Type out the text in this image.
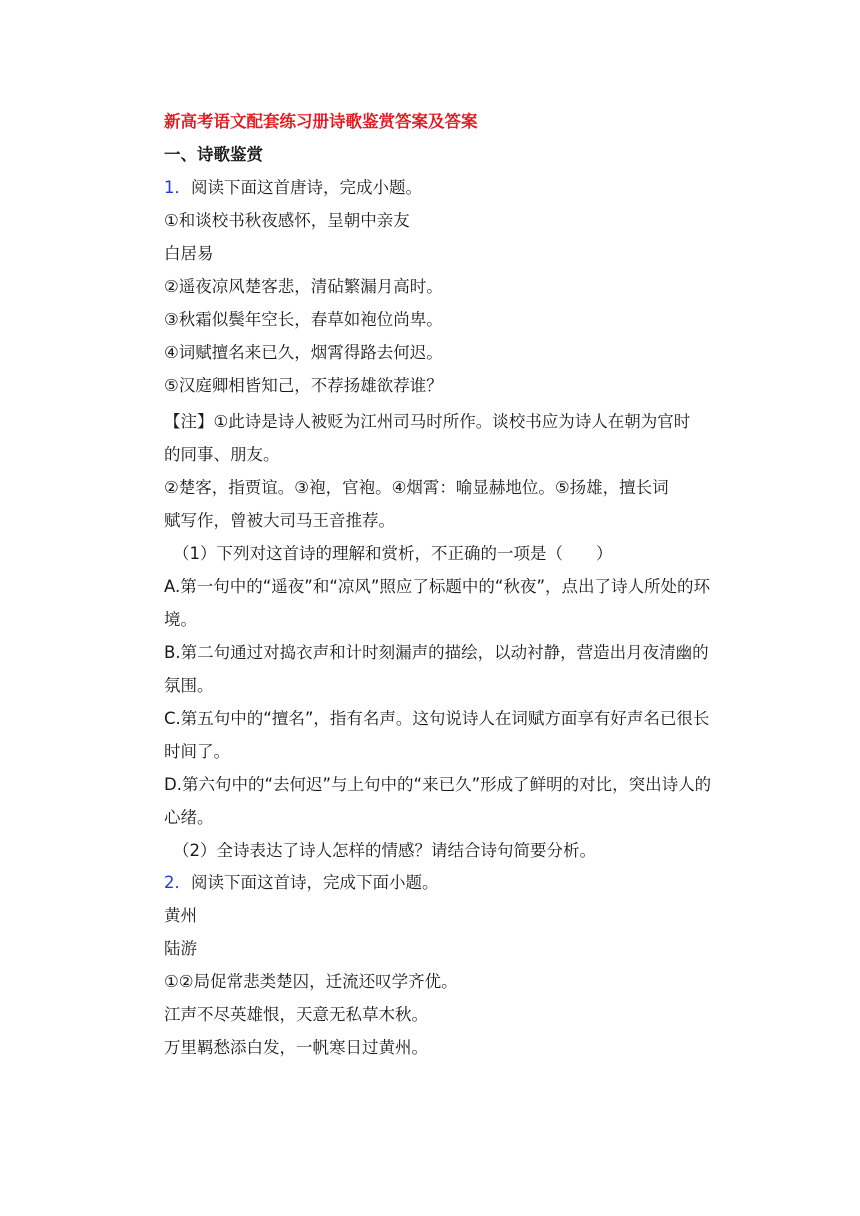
新高考语文配套练习册诗歌鉴赏答案及答案
一、诗歌鉴赏
1．阅读下面这首唐诗，完成小题。
①和谈校书秋夜感怀，呈朝中亲友
白居易
②遥夜凉风楚客悲，清砧繁漏月高时。
③秋霜似鬓年空长，春草如袍位尚卑。
④词赋擅名来已久，烟霄得路去何迟。
⑤汉庭卿相皆知己，不荐扬雄欲荐谁？
【注】①此诗是诗人被贬为江州司马时所作。谈校书应为诗人在朝为官时
的同事、朋友。
②楚客，指贾谊。③袍，官袍。④烟霄：喻显赫地位。⑤扬雄，擅长词
赋写作，曾被大司马王音推荐。
（1）下列对这首诗的理解和赏析，不正确的一项是（　　）
A.第一句中的“遥夜”和“凉风”照应了标题中的“秋夜”，点出了诗人所处的环
境。
B.第二句通过对捣衣声和计时刻漏声的描绘，以动衬静，营造出月夜清幽的
氛围。
C.第五句中的“擅名”，指有名声。这句说诗人在词赋方面享有好声名已很长
时间了。
D.第六句中的“去何迟”与上句中的“来已久”形成了鲜明的对比，突出诗人的
心绪。
（2）全诗表达了诗人怎样的情感？请结合诗句简要分析。
2．阅读下面这首诗，完成下面小题。
黄州
陆游
①②局促常悲类楚囚，迁流还叹学齐优。
江声不尽英雄恨，天意无私草木秋。
万里羁愁添白发，一帆寒日过黄州。
